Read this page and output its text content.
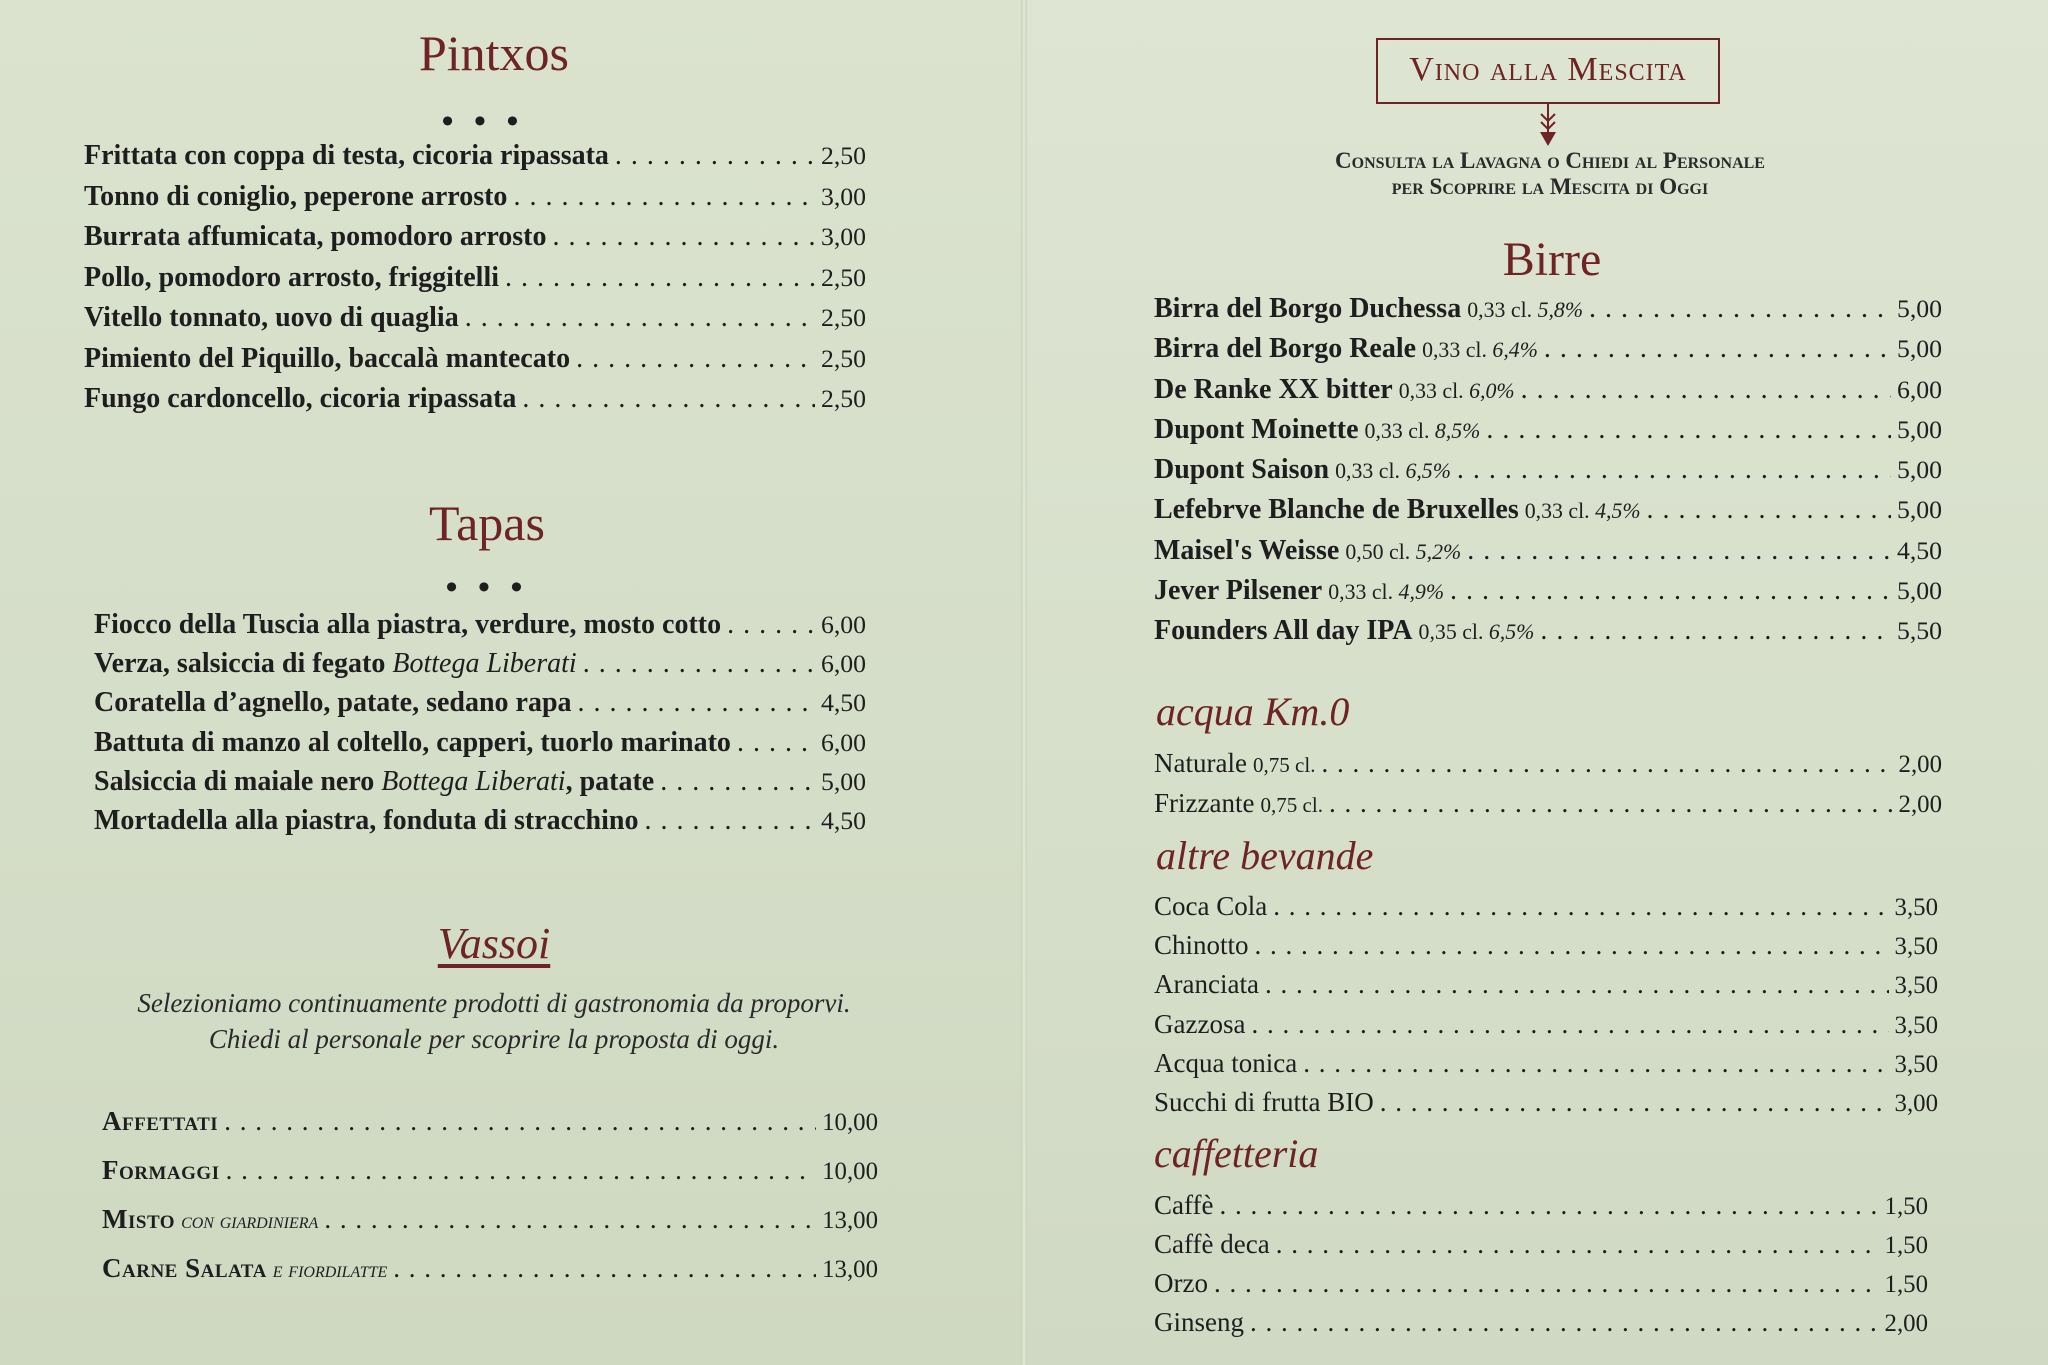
Pintxos
• • •
Frittata con coppa di testa, cicoria ripassata . . .	2,50
Tonno di coniglio, peperone arrosto . . .	3,00
Burrata affumicata, pomodoro arrosto . . .	3,00
Pollo, pomodoro arrosto, friggitelli . . .	2,50
Vitello tonnato, uovo di quaglia . . .	2,50
Pimiento del Piquillo, baccalà mantecato . . .	2,50
Fungo cardoncello, cicoria ripassata . . .	2,50
Tapas
• • •
Fiocco della Tuscia alla piastra, verdure, mosto cotto . . .	6,00
Verza, salsiccia di fegato Bottega Liberati . . .	6,00
Coratella d’agnello, patate, sedano rapa . . .	4,50
Battuta di manzo al coltello, capperi, tuorlo marinato . . .	6,00
Salsiccia di maiale nero Bottega Liberati, patate . . .	5,00
Mortadella alla piastra, fonduta di stracchino . . .	4,50
Vassoi
Selezioniamo continuamente prodotti di gastronomia da proporvi.
Chiedi al personale per scoprire la proposta di oggi.
Affettati . . .	10,00
Formaggi . . .	10,00
Misto con giardiniera . . .	13,00
Carne Salata e fiordilatte . . .	13,00
Vino alla Mescita
Consulta la Lavagna o Chiedi al Personale
per Scoprire la Mescita di Oggi
Birre
Birra del Borgo Duchessa 0,33 cl. 5,8% . . .	5,00
Birra del Borgo Reale 0,33 cl. 6,4% . . .	5,00
De Ranke XX bitter 0,33 cl. 6,0% . . .	6,00
Dupont Moinette 0,33 cl. 8,5% . . .	5,00
Dupont Saison 0,33 cl. 6,5% . . .	5,00
Lefebrve Blanche de Bruxelles 0,33 cl. 4,5% . . .	5,00
Maisel's Weisse 0,50 cl. 5,2% . . .	4,50
Jever Pilsener 0,33 cl. 4,9% . . .	5,00
Founders All day IPA 0,35 cl. 6,5% . . .	5,50
acqua Km.0
Naturale 0,75 cl. . . .	2,00
Frizzante 0,75 cl. . . .	2,00
altre bevande
Coca Cola . . .	3,50
Chinotto . . .	3,50
Aranciata . . .	3,50
Gazzosa . . .	3,50
Acqua tonica . . .	3,50
Succhi di frutta BIO . . .	3,00
caffetteria
Caffè . . .	1,50
Caffè deca . . .	1,50
Orzo . . .	1,50
Ginseng . . .	2,00
